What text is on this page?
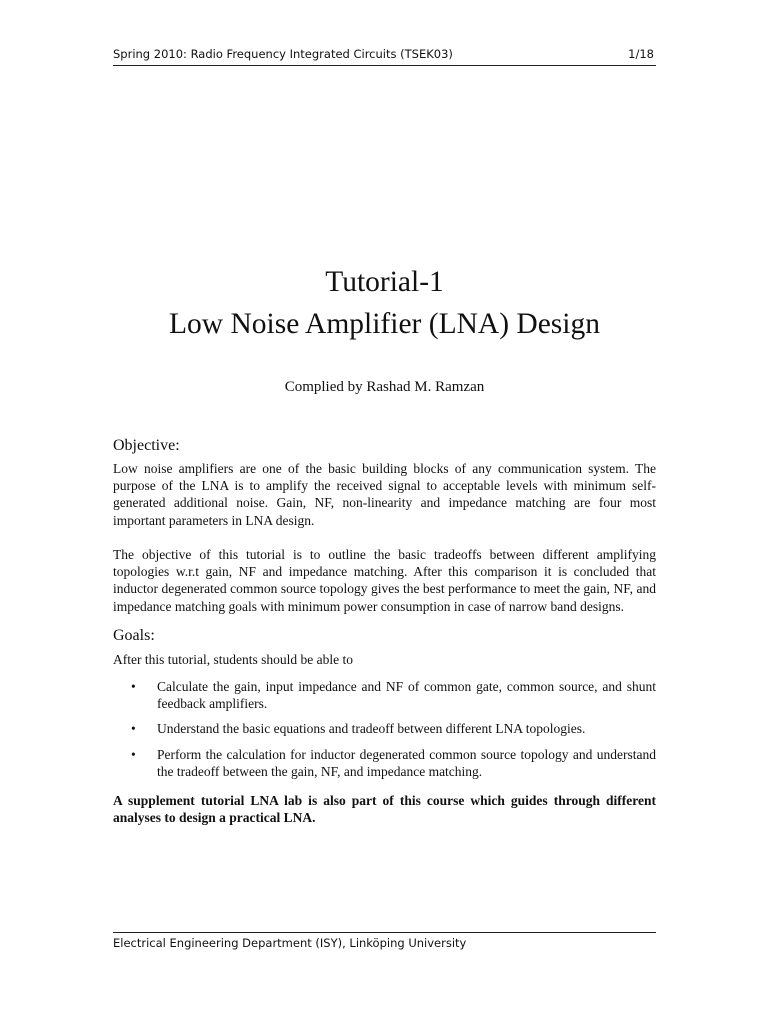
Spring 2010: Radio Frequency Integrated Circuits (TSEK03)	1/18
Tutorial-1
Low Noise Amplifier (LNA) Design
Complied by Rashad M. Ramzan
Objective:

Low noise amplifiers are one of the basic building blocks of any communication system. The purpose of the LNA is to amplify the received signal to acceptable levels with minimum self-generated additional noise. Gain, NF, non-linearity and impedance matching are four most important parameters in LNA design.

The objective of this tutorial is to outline the basic tradeoffs between different amplifying topologies w.r.t gain, NF and impedance matching. After this comparison it is concluded that inductor degenerated common source topology gives the best performance to meet the gain, NF, and impedance matching goals with minimum power consumption in case of narrow band designs.

Goals:

After this tutorial, students should be able to

• Calculate the gain, input impedance and NF of common gate, common source, and shunt feedback amplifiers.
• Understand the basic equations and tradeoff between different LNA topologies.
• Perform the calculation for inductor degenerated common source topology and understand the tradeoff between the gain, NF, and impedance matching.

A supplement tutorial LNA lab is also part of this course which guides through different analyses to design a practical LNA.

Electrical Engineering Department (ISY), Linköping University
